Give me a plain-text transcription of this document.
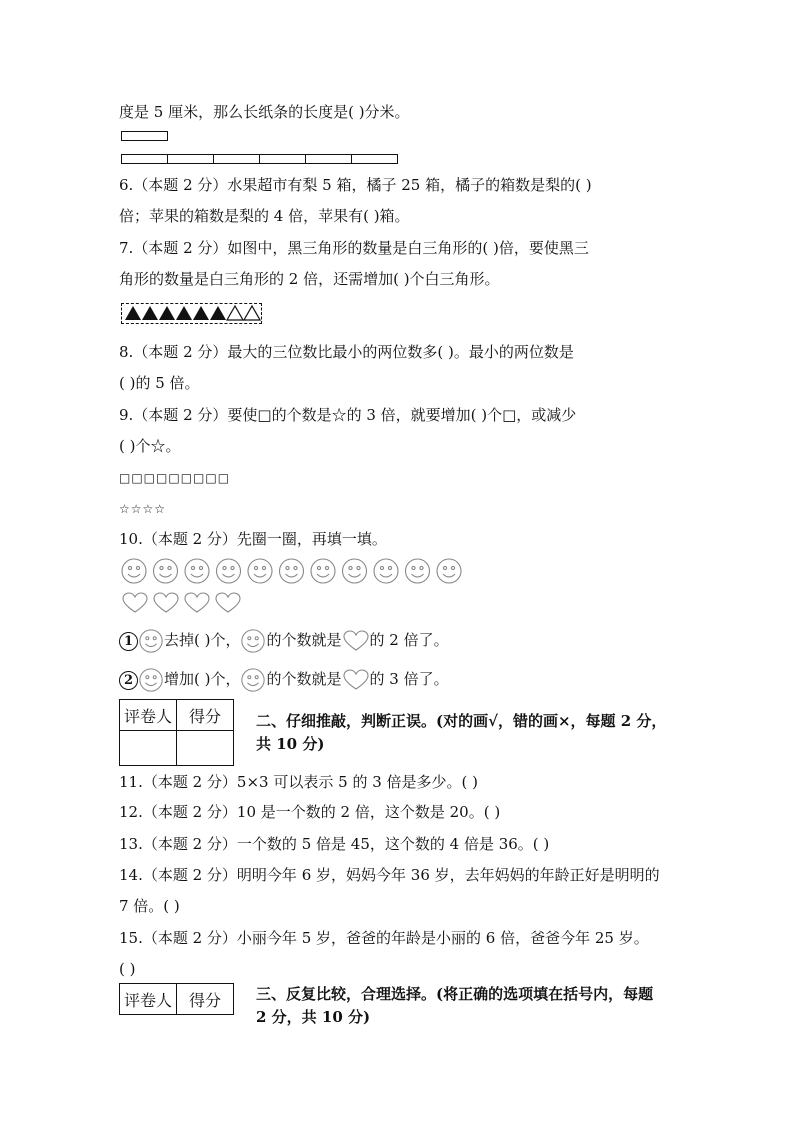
度是 5 厘米，那么长纸条的长度是( )分米。
6.（本题 2 分）水果超市有梨 5 箱，橘子 25 箱，橘子的箱数是梨的( )
倍；苹果的箱数是梨的 4 倍，苹果有( )箱。
7.（本题 2 分）如图中，黑三角形的数量是白三角形的( )倍，要使黑三
角形的数量是白三角形的 2 倍，还需增加( )个白三角形。
8.（本题 2 分）最大的三位数比最小的两位数多( )。最小的两位数是
( )的 5 倍。
9.（本题 2 分）要使□的个数是☆的 3 倍，就要增加( )个□，或减少
( )个☆。
□□□□□□□□□
☆☆☆☆
10.（本题 2 分）先圈一圈，再填一填。
1 去掉( )个， 的个数就是 的 2 倍了。
2 增加( )个， 的个数就是 的 3 倍了。
评卷人	得分
	二、仔细推敲，判断正误。(对的画√，错的画×，每题 2 分，
共 10 分)
11.（本题 2 分）5×3 可以表示 5 的 3 倍是多少。( )
12.（本题 2 分）10 是一个数的 2 倍，这个数是 20。( )
13.（本题 2 分）一个数的 5 倍是 45，这个数的 4 倍是 36。( )
14.（本题 2 分）明明今年 6 岁，妈妈今年 36 岁，去年妈妈的年龄正好是明明的
7 倍。( )
15.（本题 2 分）小丽今年 5 岁，爸爸的年龄是小丽的 6 倍，爸爸今年 25 岁。
( )
评卷人	得分 三、反复比较，合理选择。(将正确的选项填在括号内，每题
2 分，共 10 分)
